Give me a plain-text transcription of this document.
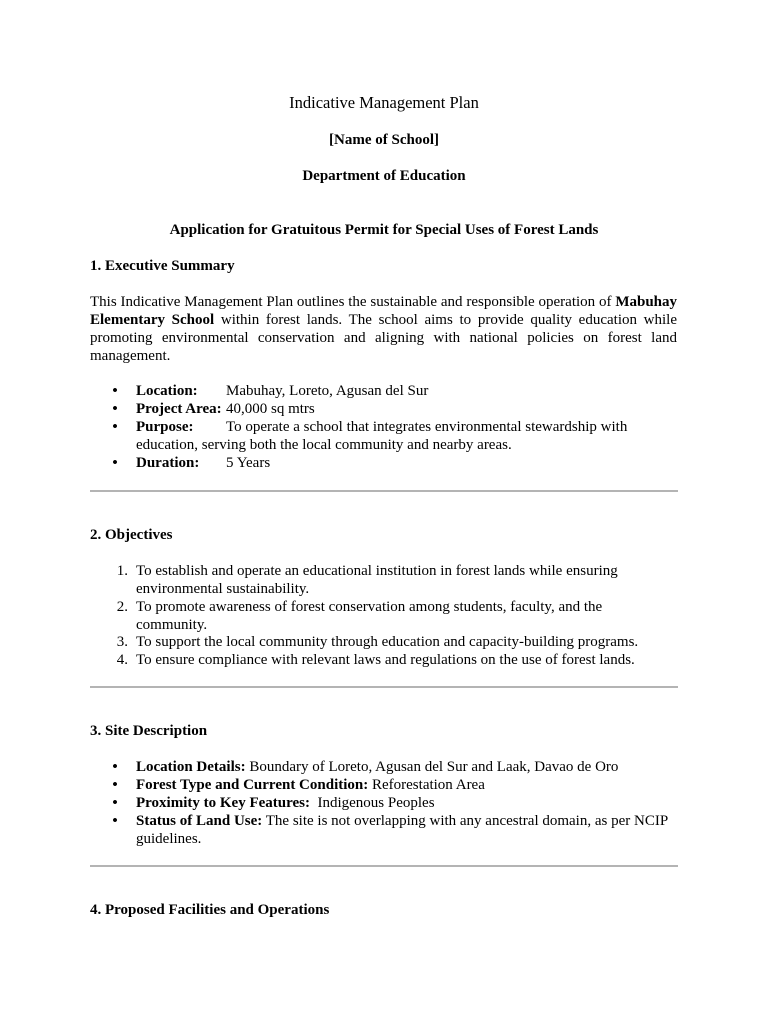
Indicative Management Plan
[Name of School]
Department of Education
Application for Gratuitous Permit for Special Uses of Forest Lands
1. Executive Summary
This Indicative Management Plan outlines the sustainable and responsible operation of Mabuhay Elementary School within forest lands. The school aims to provide quality education while promoting environmental conservation and aligning with national policies on forest land management.
• Location:	Mabuhay, Loreto, Agusan del Sur
• Project Area: 40,000 sq mtrs
• Purpose:	To operate a school that integrates environmental stewardship with
education, serving both the local community and nearby areas.
• Duration:	5 Years
2. Objectives
1. To establish and operate an educational institution in forest lands while ensuring
environmental sustainability.
2. To promote awareness of forest conservation among students, faculty, and the
community.
3. To support the local community through education and capacity-building programs.
4. To ensure compliance with relevant laws and regulations on the use of forest lands.
3. Site Description
• Location Details: Boundary of Loreto, Agusan del Sur and Laak, Davao de Oro
• Forest Type and Current Condition: Reforestation Area
• Proximity to Key Features:  Indigenous Peoples
• Status of Land Use: The site is not overlapping with any ancestral domain, as per NCIP
guidelines.
4. Proposed Facilities and Operations
